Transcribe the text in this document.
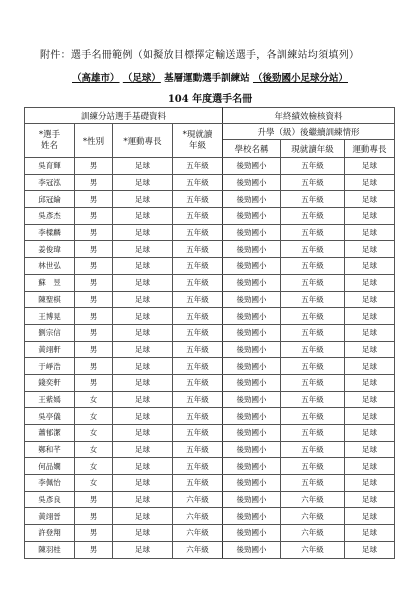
附件：選手名冊範例（如擬放目標擇定輸送選手，各訓練站均須填列）
（高雄市） （足球） 基層運動選手訓練站 （後勁國小足球分站）
104 年度選手名冊
訓練分站選手基礎資料				年終績效檢核資料		
*選手
姓名	*性別	*運動專長	*現就讀
年級	升學（級）後繼續訓練情形		
				學校名稱	現就讀年級	運動專長
吳育輝	男	足球	五年級	後勁國小	五年級	足球
李冠泓	男	足球	五年級	後勁國小	五年級	足球
邱冠綸	男	足球	五年級	後勁國小	五年級	足球
吳彥杰	男	足球	五年級	後勁國小	五年級	足球
李樑麟	男	足球	五年級	後勁國小	五年級	足球
姜俊瑋	男	足球	五年級	後勁國小	五年級	足球
林世弘	男	足球	五年級	後勁國小	五年級	足球
蘇　昱	男	足球	五年級	後勁國小	五年級	足球
陳聖棋	男	足球	五年級	後勁國小	五年級	足球
王博晃	男	足球	五年級	後勁國小	五年級	足球
劉宗信	男	足球	五年級	後勁國小	五年級	足球
黃翊軒	男	足球	五年級	後勁國小	五年級	足球
于崢浩	男	足球	五年級	後勁國小	五年級	足球
錢奕軒	男	足球	五年級	後勁國小	五年級	足球
王紫嫣	女	足球	五年級	後勁國小	五年級	足球
吳亭儀	女	足球	五年級	後勁國小	五年級	足球
蕭郁潔	女	足球	五年級	後勁國小	五年級	足球
鄭和芊	女	足球	五年級	後勁國小	五年級	足球
何品嫺	女	足球	五年級	後勁國小	五年級	足球
李佩怡	女	足球	五年級	後勁國小	五年級	足球
吳彥良	男	足球	六年級	後勁國小	六年級	足球
黃翊晉	男	足球	六年級	後勁國小	六年級	足球
許登翔	男	足球	六年級	後勁國小	六年級	足球
陳羽桂	男	足球	六年級	後勁國小	六年級	足球
